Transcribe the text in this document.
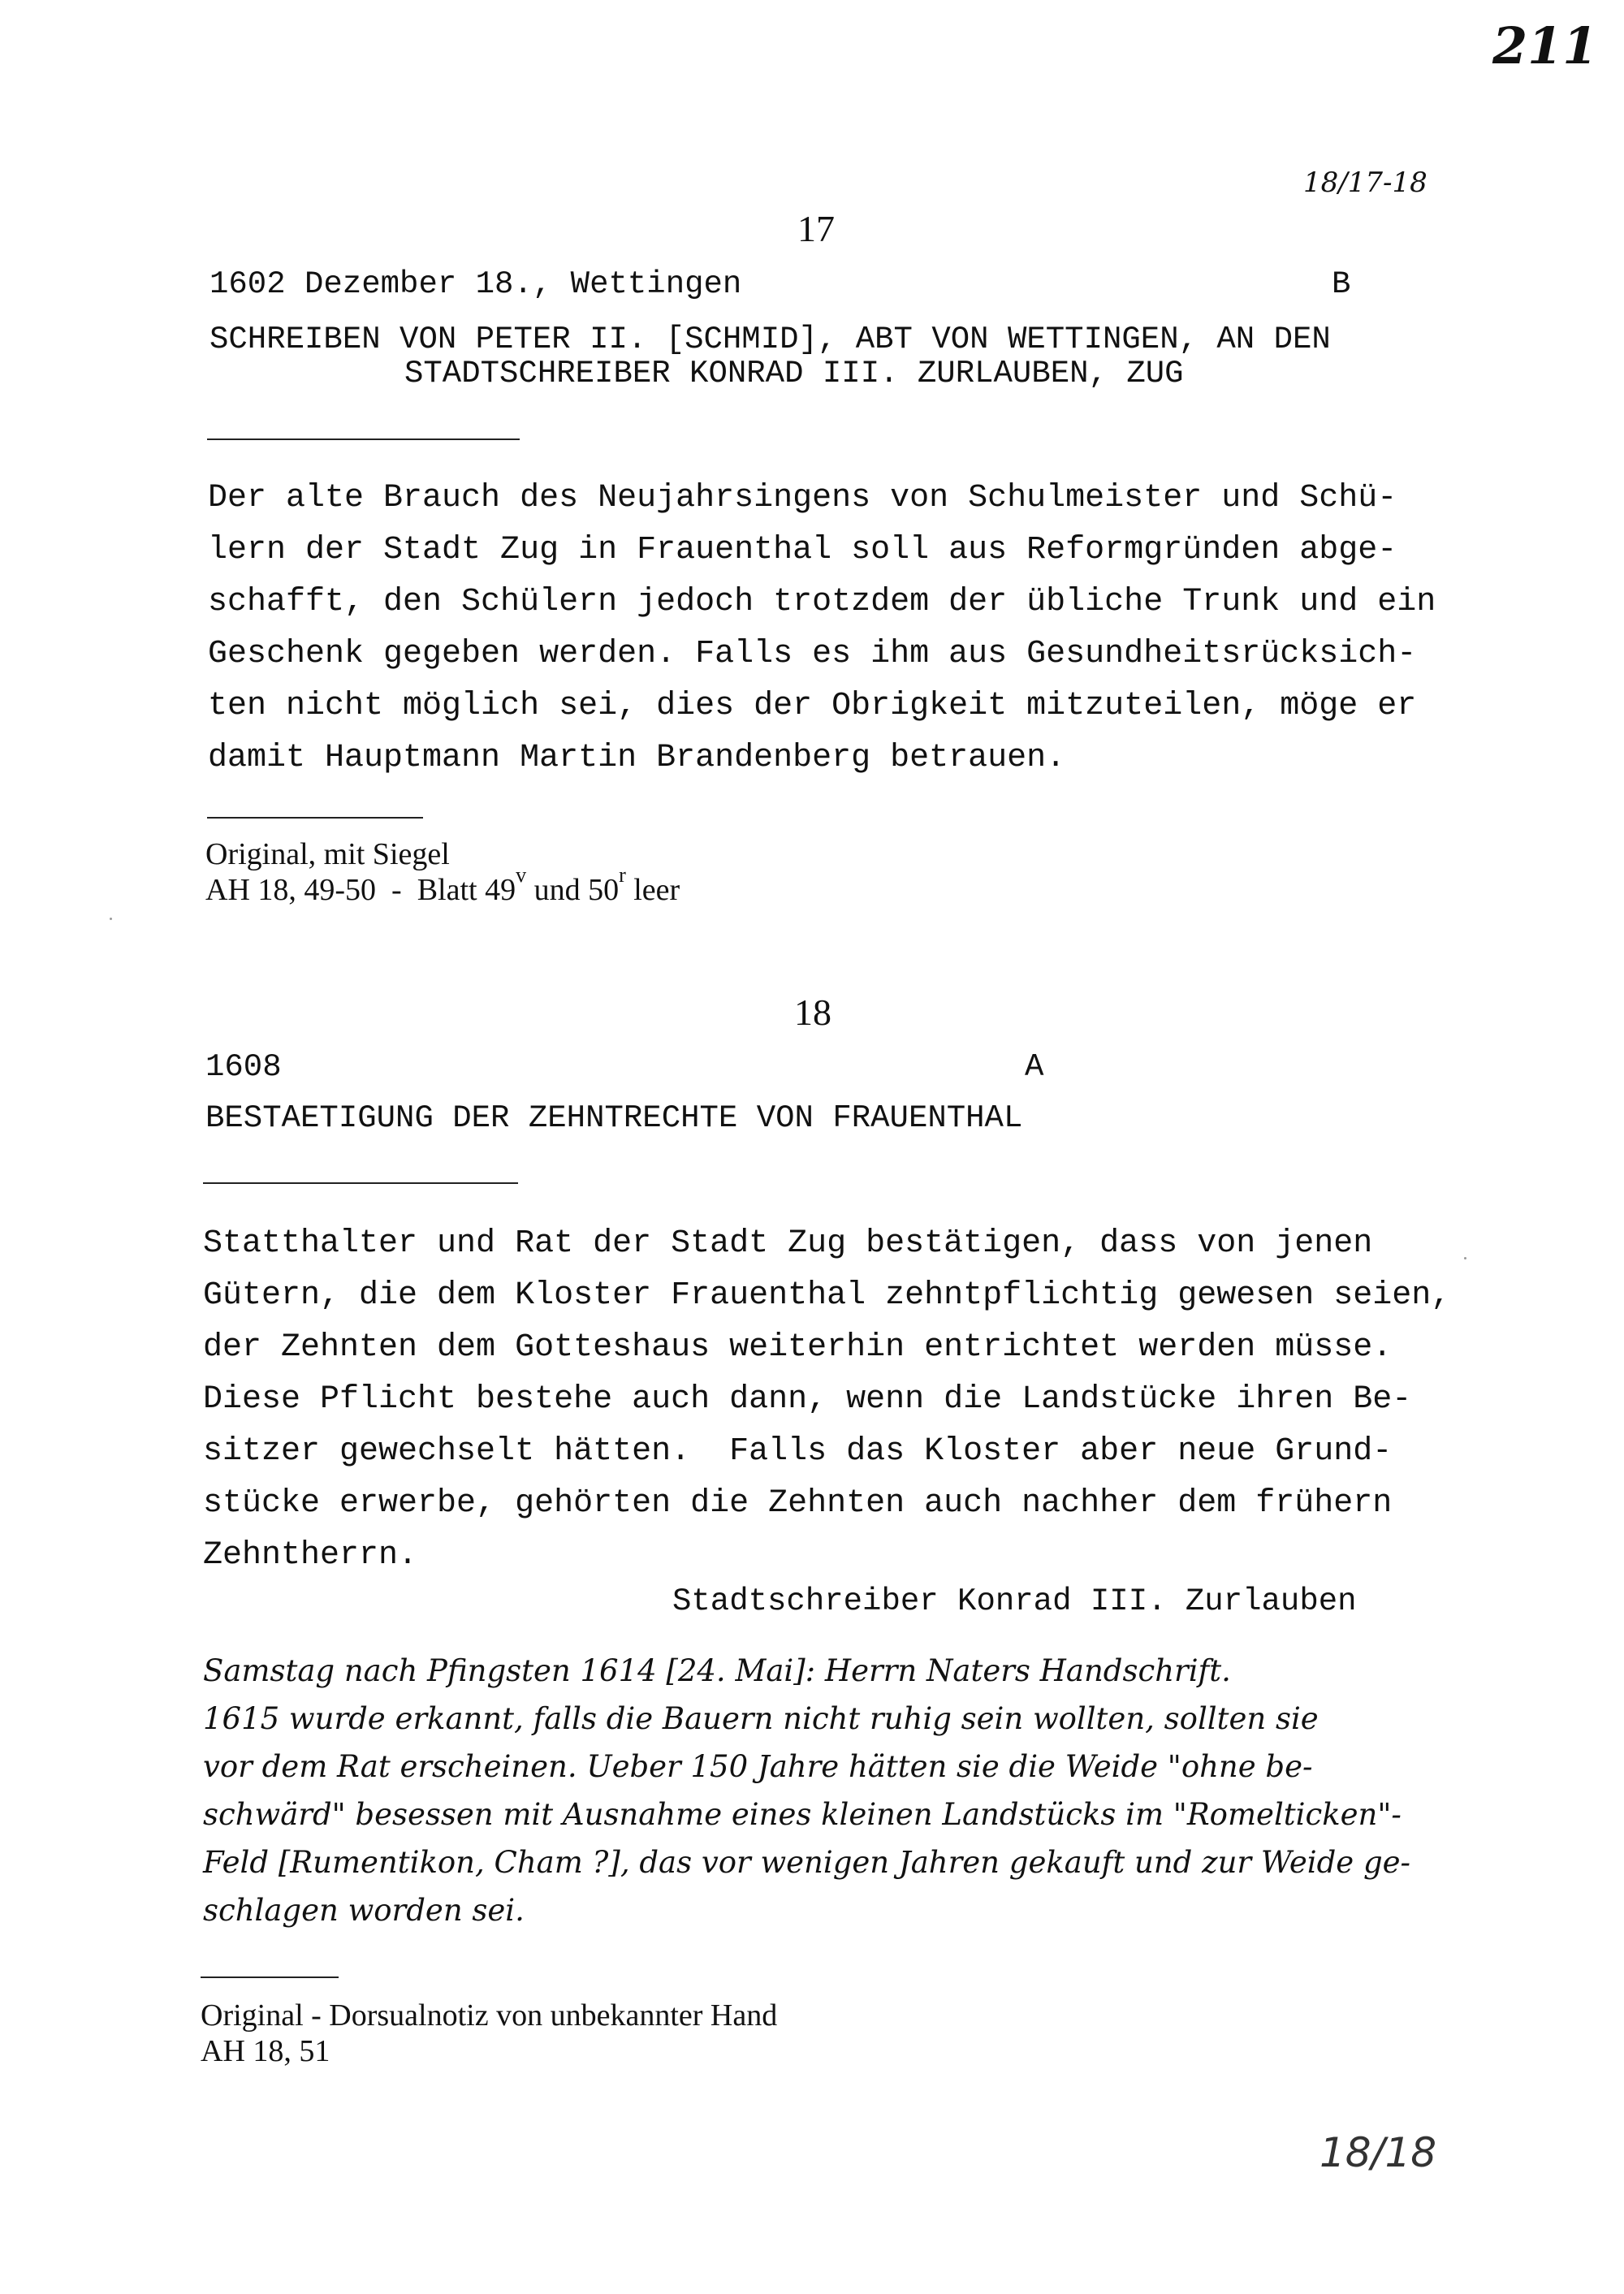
211
18/17-18
17
1602 Dezember 18., Wettingen	B
SCHREIBEN VON PETER II. [SCHMID], ABT VON WETTINGEN, AN DEN
STADTSCHREIBER KONRAD III. ZURLAUBEN, ZUG
Der alte Brauch des Neujahrsingens von Schulmeister und Schü-
lern der Stadt Zug in Frauenthal soll aus Reformgründen abge-
schafft, den Schülern jedoch trotzdem der übliche Trunk und ein
Geschenk gegeben werden. Falls es ihm aus Gesundheitsrücksich-
ten nicht möglich sei, dies der Obrigkeit mitzuteilen, möge er
damit Hauptmann Martin Brandenberg betrauen.
Original, mit Siegel
AH 18, 49-50  -  Blatt 49$^v$ und 50$^r$ leer
18
1608	A
BESTAETIGUNG DER ZEHNTRECHTE VON FRAUENTHAL
Statthalter und Rat der Stadt Zug bestätigen, dass von jenen
Gütern, die dem Kloster Frauenthal zehntpflichtig gewesen seien,
der Zehnten dem Gotteshaus weiterhin entrichtet werden müsse.
Diese Pflicht bestehe auch dann, wenn die Landstücke ihren Be-
sitzer gewechselt hätten.  Falls das Kloster aber neue Grund-
stücke erwerbe, gehörten die Zehnten auch nachher dem frühern
Zehntherrn.
Stadtschreiber Konrad III. Zurlauben
Samstag nach Pfingsten 1614 [24. Mai]: Herrn Naters Handschrift.
1615 wurde erkannt, falls die Bauern nicht ruhig sein wollten, sollten sie
vor dem Rat erscheinen. Ueber 150 Jahre hätten sie die Weide "ohne be-
schwärd" besessen mit Ausnahme eines kleinen Landstücks im "Romelticken"-
Feld [Rumentikon, Cham ?], das vor wenigen Jahren gekauft und zur Weide ge-
schlagen worden sei.
Original - Dorsualnotiz von unbekannter Hand
AH 18, 51
18/18
